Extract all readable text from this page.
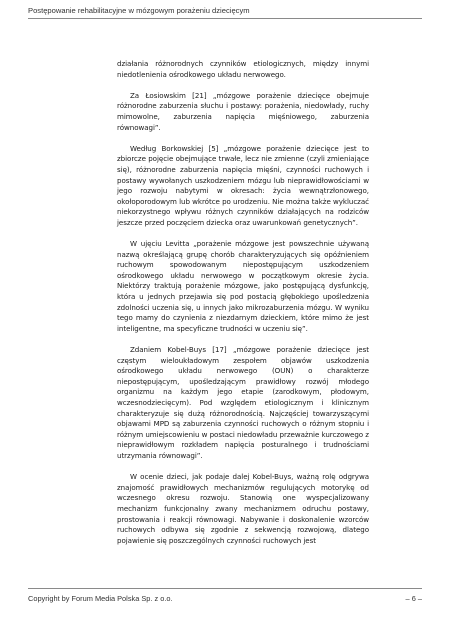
Postępowanie rehabilitacyjne w mózgowym porażeniu dziecięcym

działania różnorodnych czynników etiologicznych, między innymi niedotlenienia ośrodkowego układu nerwowego.

Za Łosiowskim [21] „mózgowe porażenie dziecięce obejmuje różnorodne zaburzenia słuchu i postawy: porażenia, niedowłady, ruchy mimowolne, zaburzenia napięcia mięśniowego, zaburzenia równowagi”.

Według Borkowskiej [5] „mózgowe porażenie dziecięce jest to zbiorcze pojęcie obejmujące trwałe, lecz nie zmienne (czyli zmieniające się), różnorodne zaburzenia napięcia mięśni, czynności ruchowych i postawy wywołanych uszkodzeniem mózgu lub nieprawidłowościami w jego rozwoju nabytymi w okresach: życia wewnątrzłonowego, okołoporodowym lub wkrótce po urodzeniu. Nie można także wykluczać niekorzystnego wpływu różnych czynników działających na rodziców jeszcze przed poczęciem dziecka oraz uwarunkowań genetycznych”.

W ujęciu Levitta „porażenie mózgowe jest powszechnie używaną nazwą określającą grupę chorób charakteryzujących się opóźnieniem ruchowym spowodowanym niepostępującym uszkodzeniem ośrodkowego układu nerwowego w początkowym okresie życia. Niektórzy traktują porażenie mózgowe, jako postępującą dysfunkcję, która u jednych przejawia się pod postacią głębokiego upośledzenia zdolności uczenia się, u innych jako mikrozaburzenia mózgu. W wyniku tego mamy do czynienia z niezdarnym dzieckiem, które mimo że jest inteligentne, ma specyficzne trudności w uczeniu się”.

Zdaniem Kobel-Buys [17] „mózgowe porażenie dziecięce jest częstym wieloukładowym zespołem objawów uszkodzenia ośrodkowego układu nerwowego (OUN) o charakterze niepostępującym, upośledzającym prawidłowy rozwój młodego organizmu na każdym jego etapie (zarodkowym, płodowym, wczesnodziecięcym). Pod względem etiologicznym i klinicznym charakteryzuje się dużą różnorodnością. Najczęściej towarzyszącymi objawami MPD są zaburzenia czynności ruchowych o różnym stopniu i różnym umiejscowieniu w postaci niedowładu przeważnie kurczowego z nieprawidłowym rozkładem napięcia posturalnego i trudnościami utrzymania równowagi”.

W ocenie dzieci, jak podaje dalej Kobel-Buys, ważną rolę odgrywa znajomość prawidłowych mechanizmów regulujących motorykę od wczesnego okresu rozwoju. Stanowią one wyspecjalizowany mechanizm funkcjonalny zwany mechanizmem odruchu postawy, prostowania i reakcji równowagi. Nabywanie i doskonalenie wzorców ruchowych odbywa się zgodnie z sekwencją rozwojową, dlatego pojawienie się poszczególnych czynności ruchowych jest

Copyright by Forum Media Polska Sp. z o.o.	– 6 –
